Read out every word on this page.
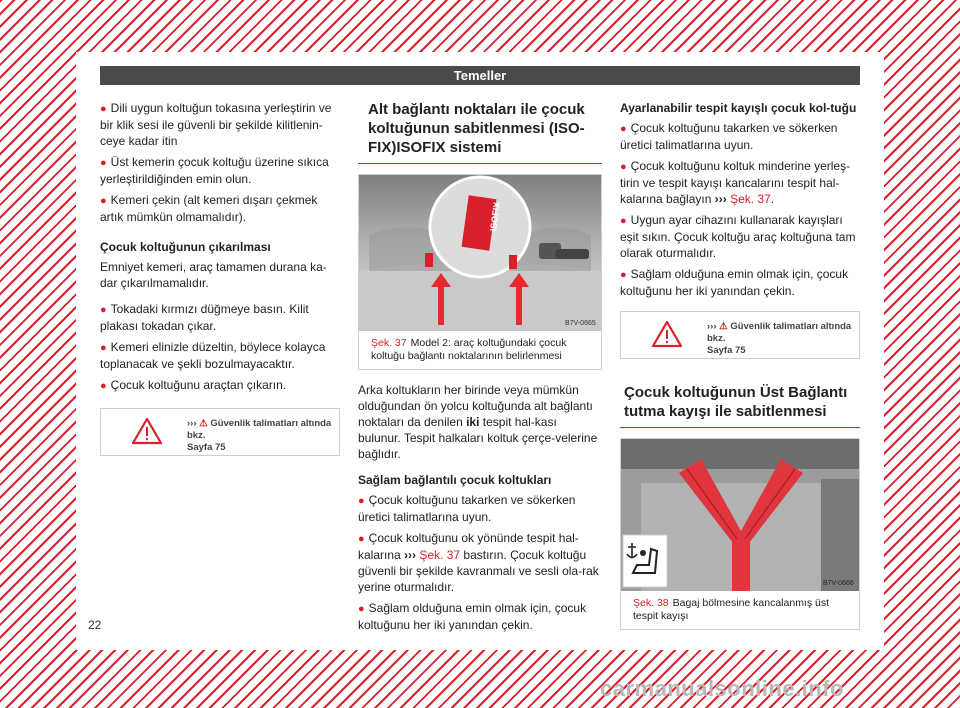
Temeller
● Dili uygun koltuğun tokasına yerleştirin ve bir klik sesi ile güvenli bir şekilde kilitlenin-ceye kadar itin
● Üst kemerin çocuk koltuğu üzerine sıkıca yerleştirildiğinden emin olun.
● Kemeri çekin (alt kemeri dışarı çekmek artık mümkün olmamalıdır).
Çocuk koltuğunun çıkarılması

Emniyet kemeri, araç tamamen durana ka-dar çıkarılmamalıdır.

● Tokadaki kırmızı düğmeye basın. Kilit plakası tokadan çıkar.
● Kemeri elinizle düzeltin, böylece kolayca toplanacak ve şekli bozulmayacaktır.
● Çocuk koltuğunu araçtan çıkarın.
››› ⚠ Güvenlik talimatları altında bkz.
Sayfa 75
Alt bağlantı noktaları ile çocuk koltuğunun sabitlenmesi (ISO-FIX)ISOFIX sistemi
ISOFIX
B7V-0665
Şek. 37 Model 2: araç koltuğundaki çocuk koltuğu bağlantı noktalarının belirlenmesi

Arka koltukların her birinde veya mümkün olduğundan ön yolcu koltuğunda alt bağlantı noktaları da denilen iki tespit hal-kası bulunur. Tespit halkaları koltuk çerçe-velerine bağlıdır.

Sağlam bağlantılı çocuk koltukları
● Çocuk koltuğunu takarken ve sökerken üretici talimatlarına uyun.
● Çocuk koltuğunu ok yönünde tespit hal-kalarına ››› Şek. 37 bastırın. Çocuk koltuğu güvenli bir şekilde kavranmalı ve sesli ola-rak yerine oturmalıdır.
● Sağlam olduğuna emin olmak için, çocuk koltuğunu her iki yanından çekin.
Ayarlanabilir tespit kayışlı çocuk kol-tuğu
● Çocuk koltuğunu takarken ve sökerken üretici talimatlarına uyun.
● Çocuk koltuğunu koltuk minderine yerleş-tirin ve tespit kayışı kancalarını tespit hal-kalarına bağlayın ››› Şek. 37.
● Uygun ayar cihazını kullanarak kayışları eşit sıkın. Çocuk koltuğu araç koltuğuna tam olarak oturmalıdır.
● Sağlam olduğuna emin olmak için, çocuk koltuğunu her iki yanından çekin.
››› ⚠ Güvenlik talimatları altında bkz.
Sayfa 75
Çocuk koltuğunun Üst Bağlantı tutma kayışı ile sabitlenmesi
B7V-0666
Şek. 38 Bagaj bölmesine kancalanmış üst tespit kayışı
22
carmanualsonline.info
